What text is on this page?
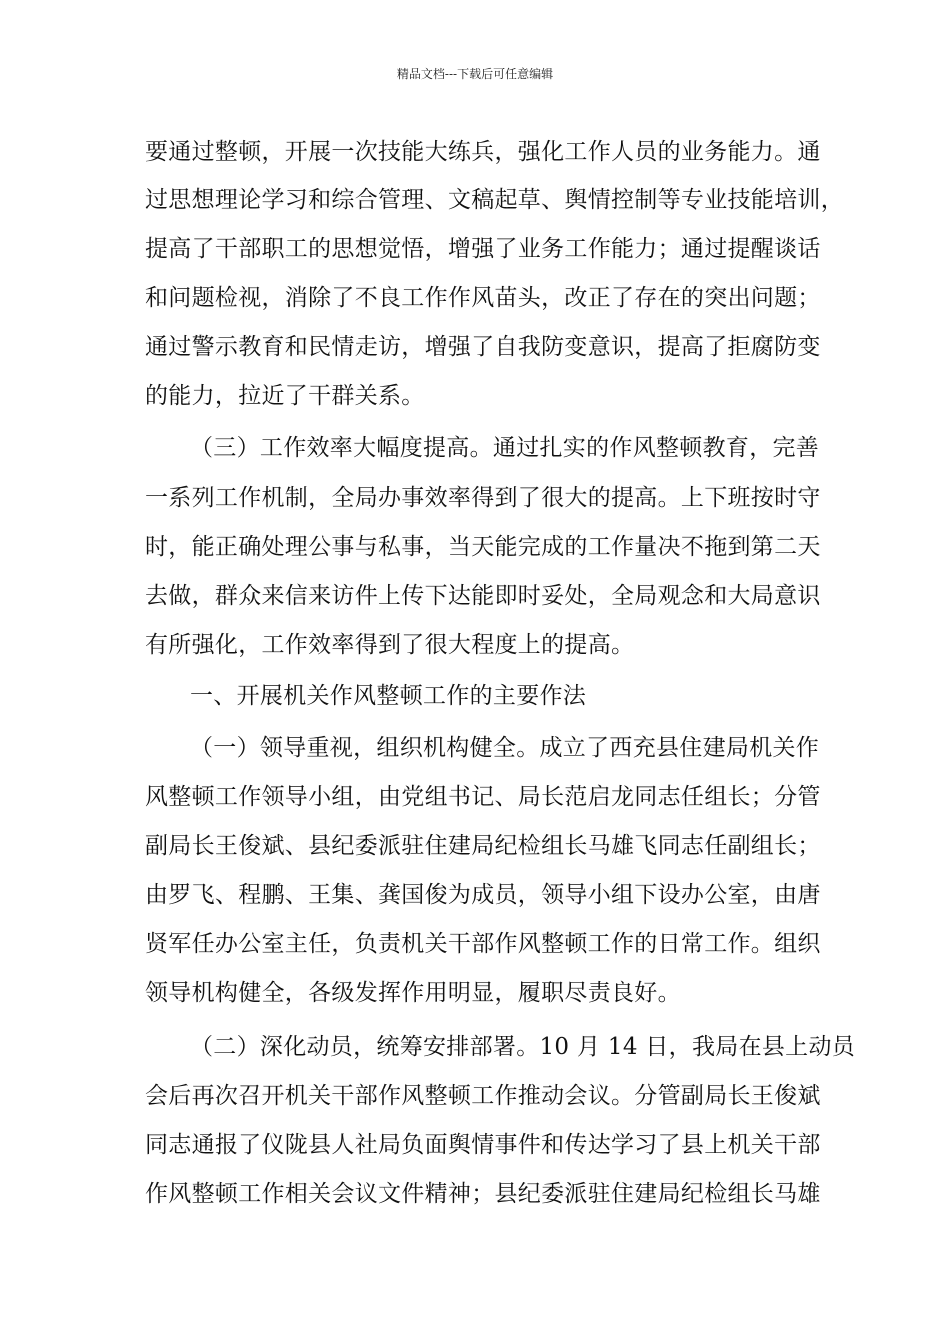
精品文档---下载后可任意编辑
要通过整顿，开展一次技能大练兵，强化工作人员的业务能力。通
过思想理论学习和综合管理、文稿起草、舆情控制等专业技能培训，
提高了干部职工的思想觉悟，增强了业务工作能力；通过提醒谈话
和问题检视，消除了不良工作作风苗头，改正了存在的突出问题；
通过警示教育和民情走访，增强了自我防变意识，提高了拒腐防变
的能力，拉近了干群关系。
（三）工作效率大幅度提高。通过扎实的作风整顿教育，完善
一系列工作机制，全局办事效率得到了很大的提高。上下班按时守
时，能正确处理公事与私事，当天能完成的工作量决不拖到第二天
去做，群众来信来访件上传下达能即时妥处，全局观念和大局意识
有所强化，工作效率得到了很大程度上的提高。
一、开展机关作风整顿工作的主要作法
（一）领导重视，组织机构健全。成立了西充县住建局机关作
风整顿工作领导小组，由党组书记、局长范启龙同志任组长；分管
副局长王俊斌、县纪委派驻住建局纪检组长马雄飞同志任副组长；
由罗飞、程鹏、王集、龚国俊为成员，领导小组下设办公室，由唐
贤军任办公室主任，负责机关干部作风整顿工作的日常工作。组织
领导机构健全，各级发挥作用明显，履职尽责良好。
（二）深化动员，统筹安排部署。10 月 14 日，我局在县上动员
会后再次召开机关干部作风整顿工作推动会议。分管副局长王俊斌
同志通报了仪陇县人社局负面舆情事件和传达学习了县上机关干部
作风整顿工作相关会议文件精神；县纪委派驻住建局纪检组长马雄
